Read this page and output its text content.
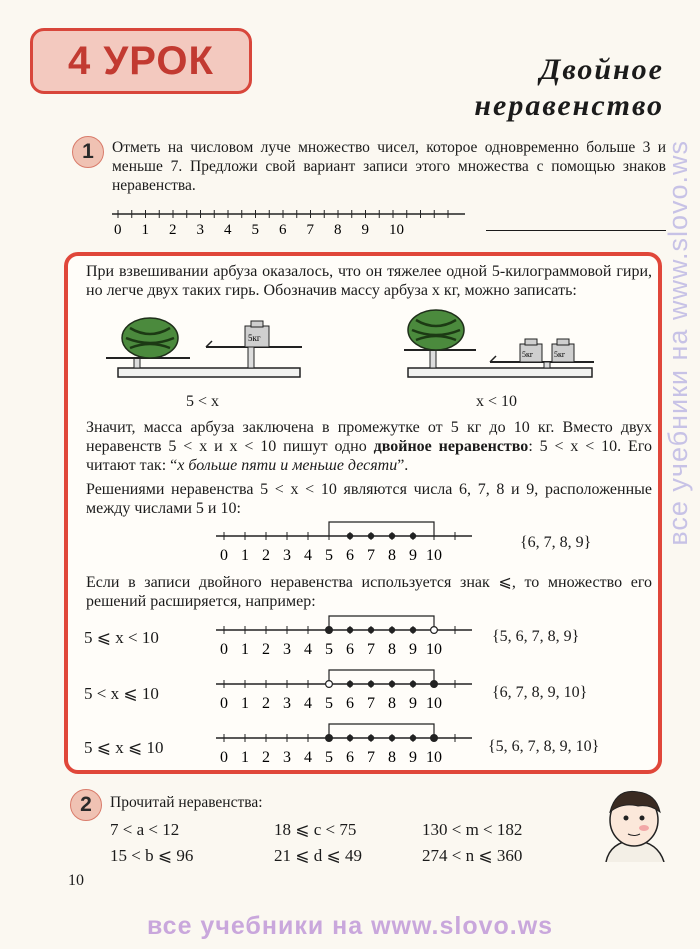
4 УРОК	Двойное
неравенство
1	Отметь на числовом луче множество чисел, которое одновременно больше 3 и меньше 7. Предложи свой вариант записи этого множества с помощью знаков неравенства.
0 1 2 3 4 5 6 7 8 9 10
При взвешивании арбуза оказалось, что он тяжелее одной 5-килограммовой гири, но легче двух таких гирь. Обозначив массу арбуза x кг, можно записать:
5кг
5 < x
5кг	5кг
x < 10
Значит, масса арбуза заключена в промежутке от 5 кг до 10 кг. Вместо двух неравенств 5 < x и x < 10 пишут одно двойное неравенство: 5 < x < 10. Его читают так: “x больше пяти и меньше десяти”.
Решениями неравенства 5 < x < 10 являются числа 6, 7, 8 и 9, расположенные между числами 5 и 10:
0 1 2 3 4 5 6 7 8 9 10
{6, 7, 8, 9}
Если в записи двойного неравенства используется знак ⩽, то множество его решений расширяется, например:
5 ⩽ x < 10
0 1 2 3 4 5 6 7 8 9 10
{5, 6, 7, 8, 9}
5 < x ⩽ 10
0 1 2 3 4 5 6 7 8 9 10
{6, 7, 8, 9, 10}
5 ⩽ x ⩽ 10
0 1 2 3 4 5 6 7 8 9 10
{5, 6, 7, 8, 9, 10}
2	Прочитай неравенства:
7 < a < 12	18 ⩽ c < 75	130 < m < 182
15 < b ⩽ 96	21 ⩽ d ⩽ 49	274 < n ⩽ 360
10
все учебники на www.slovo.ws
все учебники на www.slovo.ws
